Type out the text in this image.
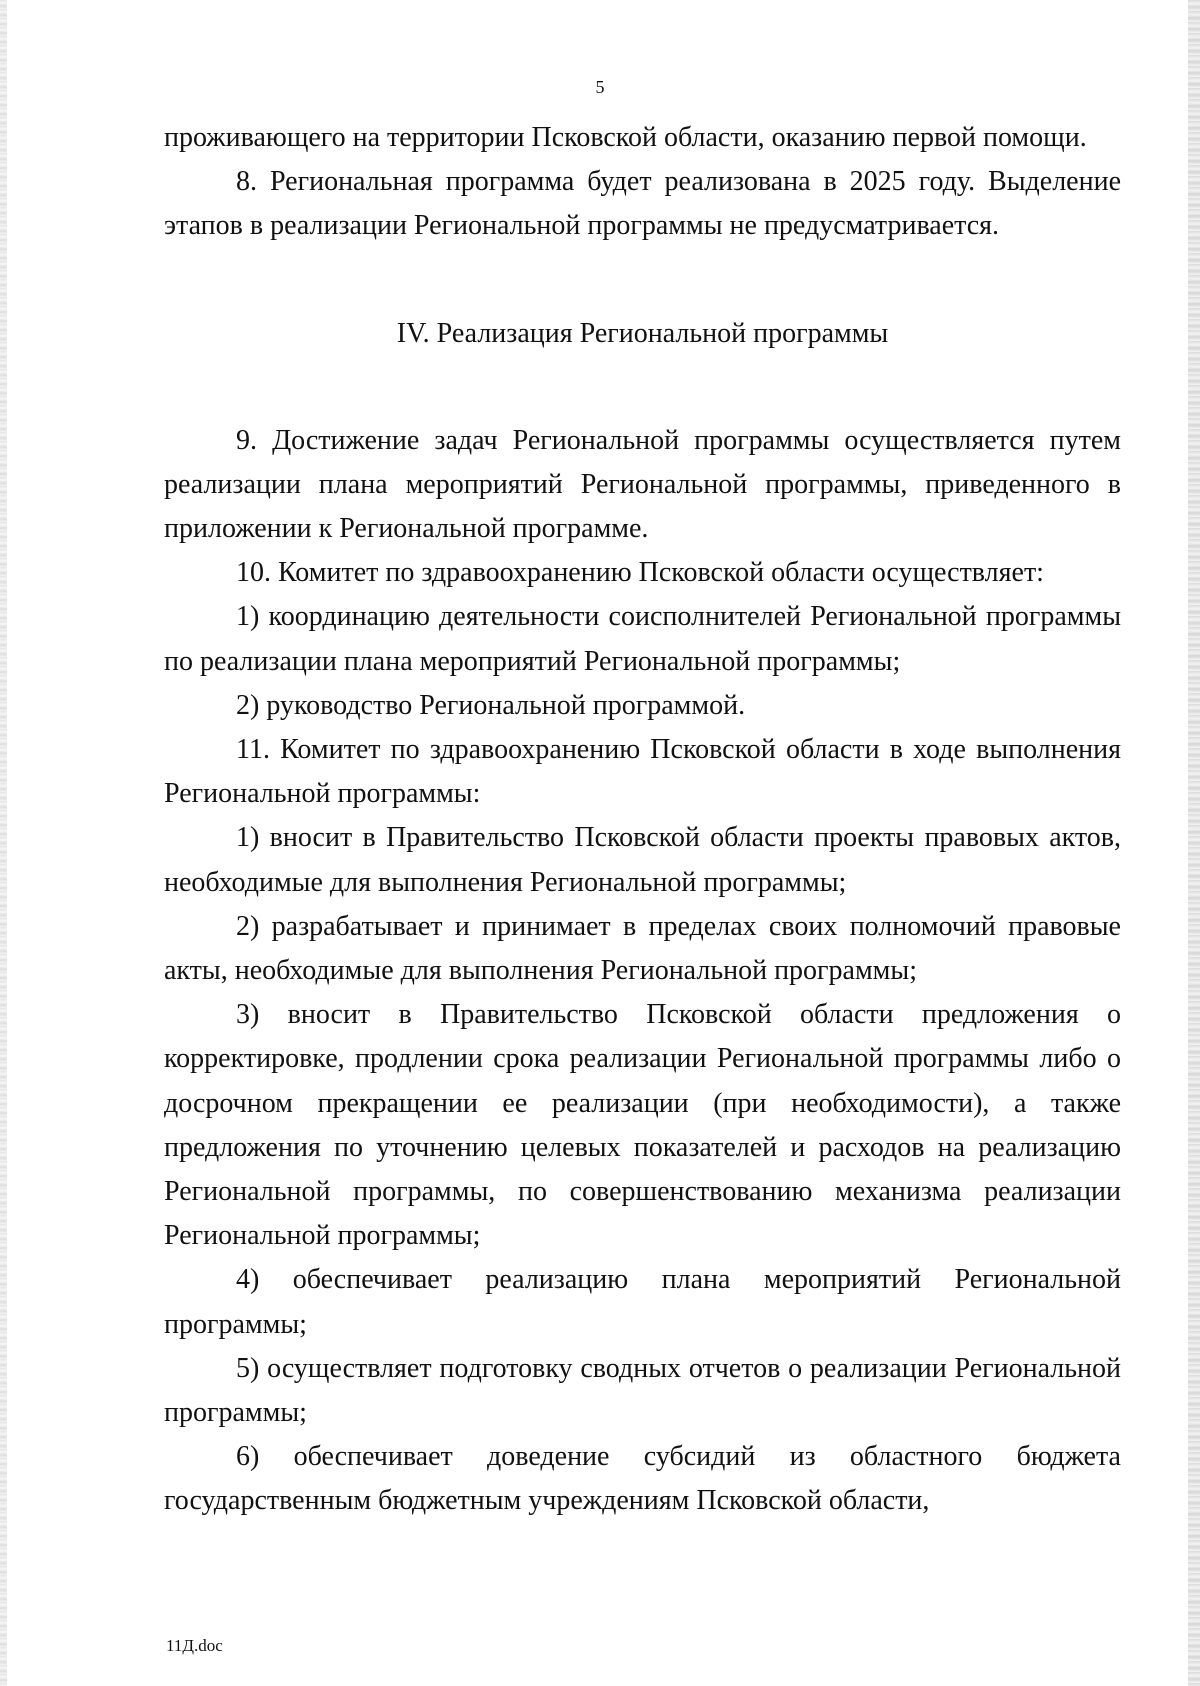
5

проживающего на территории Псковской области, оказанию первой помощи.

8. Региональная программа будет реализована в 2025 году. Выделение этапов в реализации Региональной программы не предусматривается.

IV. Реализация Региональной программы

9. Достижение задач Региональной программы осуществляется путем реализации плана мероприятий Региональной программы, приведенного в приложении к Региональной программе.

10. Комитет по здравоохранению Псковской области осуществляет:

1) координацию деятельности соисполнителей Региональной программы по реализации плана мероприятий Региональной программы;

2) руководство Региональной программой.

11. Комитет по здравоохранению Псковской области в ходе выполнения Региональной программы:

1) вносит в Правительство Псковской области проекты правовых актов, необходимые для выполнения Региональной программы;

2) разрабатывает и принимает в пределах своих полномочий правовые акты, необходимые для выполнения Региональной программы;

3) вносит в Правительство Псковской области предложения о корректировке, продлении срока реализации Региональной программы либо о досрочном прекращении ее реализации (при необходимости), а также предложения по уточнению целевых показателей и расходов на реализацию Региональной программы, по совершенствованию механизма реализации Региональной программы;

4) обеспечивает реализацию плана мероприятий Региональной программы;

5) осуществляет подготовку сводных отчетов о реализации Региональной программы;

6) обеспечивает доведение субсидий из областного бюджета государственным бюджетным учреждениям Псковской области,

11Д.doc
